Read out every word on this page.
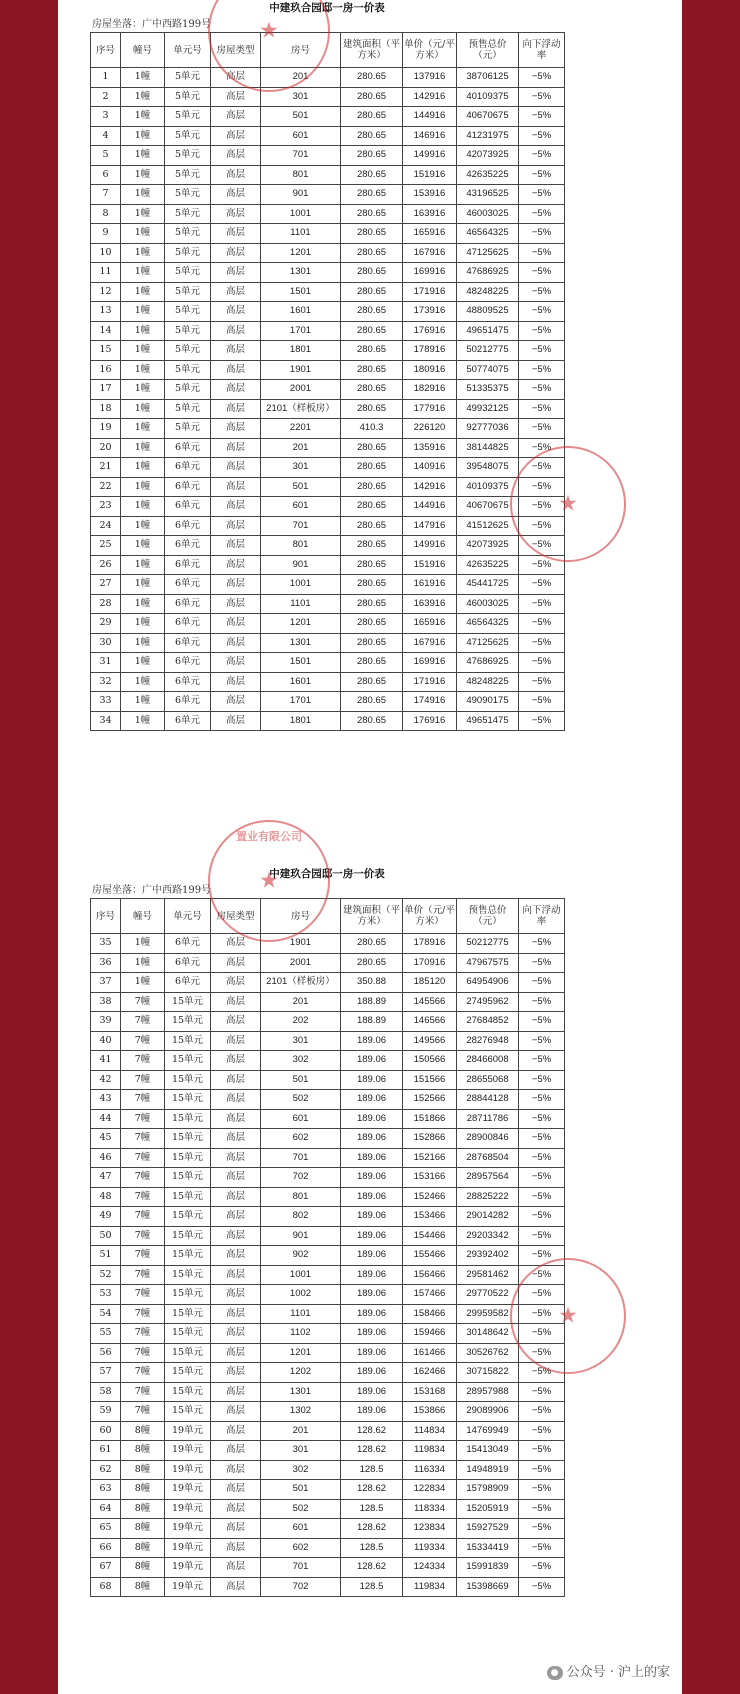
中建玖合园邸一房一价表
房屋坐落：广中西路199号
序号	幢号	单元号	房屋类型	房号	建筑面积（平方米）	单价（元/平方米）	预售总价（元）	向下浮动率
1	1幢	5单元	高层	201	280.65	137916	38706125	−5%
2	1幢	5单元	高层	301	280.65	142916	40109375	−5%
3	1幢	5单元	高层	501	280.65	144916	40670675	−5%
4	1幢	5单元	高层	601	280.65	146916	41231975	−5%
5	1幢	5单元	高层	701	280.65	149916	42073925	−5%
6	1幢	5单元	高层	801	280.65	151916	42635225	−5%
7	1幢	5单元	高层	901	280.65	153916	43196525	−5%
8	1幢	5单元	高层	1001	280.65	163916	46003025	−5%
9	1幢	5单元	高层	1101	280.65	165916	46564325	−5%
10	1幢	5单元	高层	1201	280.65	167916	47125625	−5%
11	1幢	5单元	高层	1301	280.65	169916	47686925	−5%
12	1幢	5单元	高层	1501	280.65	171916	48248225	−5%
13	1幢	5单元	高层	1601	280.65	173916	48809525	−5%
14	1幢	5单元	高层	1701	280.65	176916	49651475	−5%
15	1幢	5单元	高层	1801	280.65	178916	50212775	−5%
16	1幢	5单元	高层	1901	280.65	180916	50774075	−5%
17	1幢	5单元	高层	2001	280.65	182916	51335375	−5%
18	1幢	5单元	高层	2101（样板房）	280.65	177916	49932125	−5%
19	1幢	5单元	高层	2201	410.3	226120	92777036	−5%
20	1幢	6单元	高层	201	280.65	135916	38144825	−5%
21	1幢	6单元	高层	301	280.65	140916	39548075	−5%
22	1幢	6单元	高层	501	280.65	142916	40109375	−5%
23	1幢	6单元	高层	601	280.65	144916	40670675	−5%
24	1幢	6单元	高层	701	280.65	147916	41512625	−5%
25	1幢	6单元	高层	801	280.65	149916	42073925	−5%
26	1幢	6单元	高层	901	280.65	151916	42635225	−5%
27	1幢	6单元	高层	1001	280.65	161916	45441725	−5%
28	1幢	6单元	高层	1101	280.65	163916	46003025	−5%
29	1幢	6单元	高层	1201	280.65	165916	46564325	−5%
30	1幢	6单元	高层	1301	280.65	167916	47125625	−5%
31	1幢	6单元	高层	1501	280.65	169916	47686925	−5%
32	1幢	6单元	高层	1601	280.65	171916	48248225	−5%
33	1幢	6单元	高层	1701	280.65	174916	49090175	−5%
34	1幢	6单元	高层	1801	280.65	176916	49651475	−5%
★
★
中建玖合园邸一房一价表
房屋坐落：广中西路199号
序号	幢号	单元号	房屋类型	房号	建筑面积（平方米）	单价（元/平方米）	预售总价（元）	向下浮动率
35	1幢	6单元	高层	1901	280.65	178916	50212775	−5%
36	1幢	6单元	高层	2001	280.65	170916	47967575	−5%
37	1幢	6单元	高层	2101（样板房）	350.88	185120	64954906	−5%
38	7幢	15单元	高层	201	188.89	145566	27495962	−5%
39	7幢	15单元	高层	202	188.89	146566	27684852	−5%
40	7幢	15单元	高层	301	189.06	149566	28276948	−5%
41	7幢	15单元	高层	302	189.06	150566	28466008	−5%
42	7幢	15单元	高层	501	189.06	151566	28655068	−5%
43	7幢	15单元	高层	502	189.06	152566	28844128	−5%
44	7幢	15单元	高层	601	189.06	151866	28711786	−5%
45	7幢	15单元	高层	602	189.06	152866	28900846	−5%
46	7幢	15单元	高层	701	189.06	152166	28768504	−5%
47	7幢	15单元	高层	702	189.06	153166	28957564	−5%
48	7幢	15单元	高层	801	189.06	152466	28825222	−5%
49	7幢	15单元	高层	802	189.06	153466	29014282	−5%
50	7幢	15单元	高层	901	189.06	154466	29203342	−5%
51	7幢	15单元	高层	902	189.06	155466	29392402	−5%
52	7幢	15单元	高层	1001	189.06	156466	29581462	−5%
53	7幢	15单元	高层	1002	189.06	157466	29770522	−5%
54	7幢	15单元	高层	1101	189.06	158466	29959582	−5%
55	7幢	15单元	高层	1102	189.06	159466	30148642	−5%
56	7幢	15单元	高层	1201	189.06	161466	30526762	−5%
57	7幢	15单元	高层	1202	189.06	162466	30715822	−5%
58	7幢	15单元	高层	1301	189.06	153168	28957988	−5%
59	7幢	15单元	高层	1302	189.06	153866	29089906	−5%
60	8幢	19单元	高层	201	128.62	114834	14769949	−5%
61	8幢	19单元	高层	301	128.62	119834	15413049	−5%
62	8幢	19单元	高层	302	128.5	116334	14948919	−5%
63	8幢	19单元	高层	501	128.62	122834	15798909	−5%
64	8幢	19单元	高层	502	128.5	118334	15205919	−5%
65	8幢	19单元	高层	601	128.62	123834	15927529	−5%
66	8幢	19单元	高层	602	128.5	119334	15334419	−5%
67	8幢	19单元	高层	701	128.62	124334	15991839	−5%
68	8幢	19单元	高层	702	128.5	119834	15398669	−5%
置业有限公司
★
★
● 公众号 · 沪上的家
